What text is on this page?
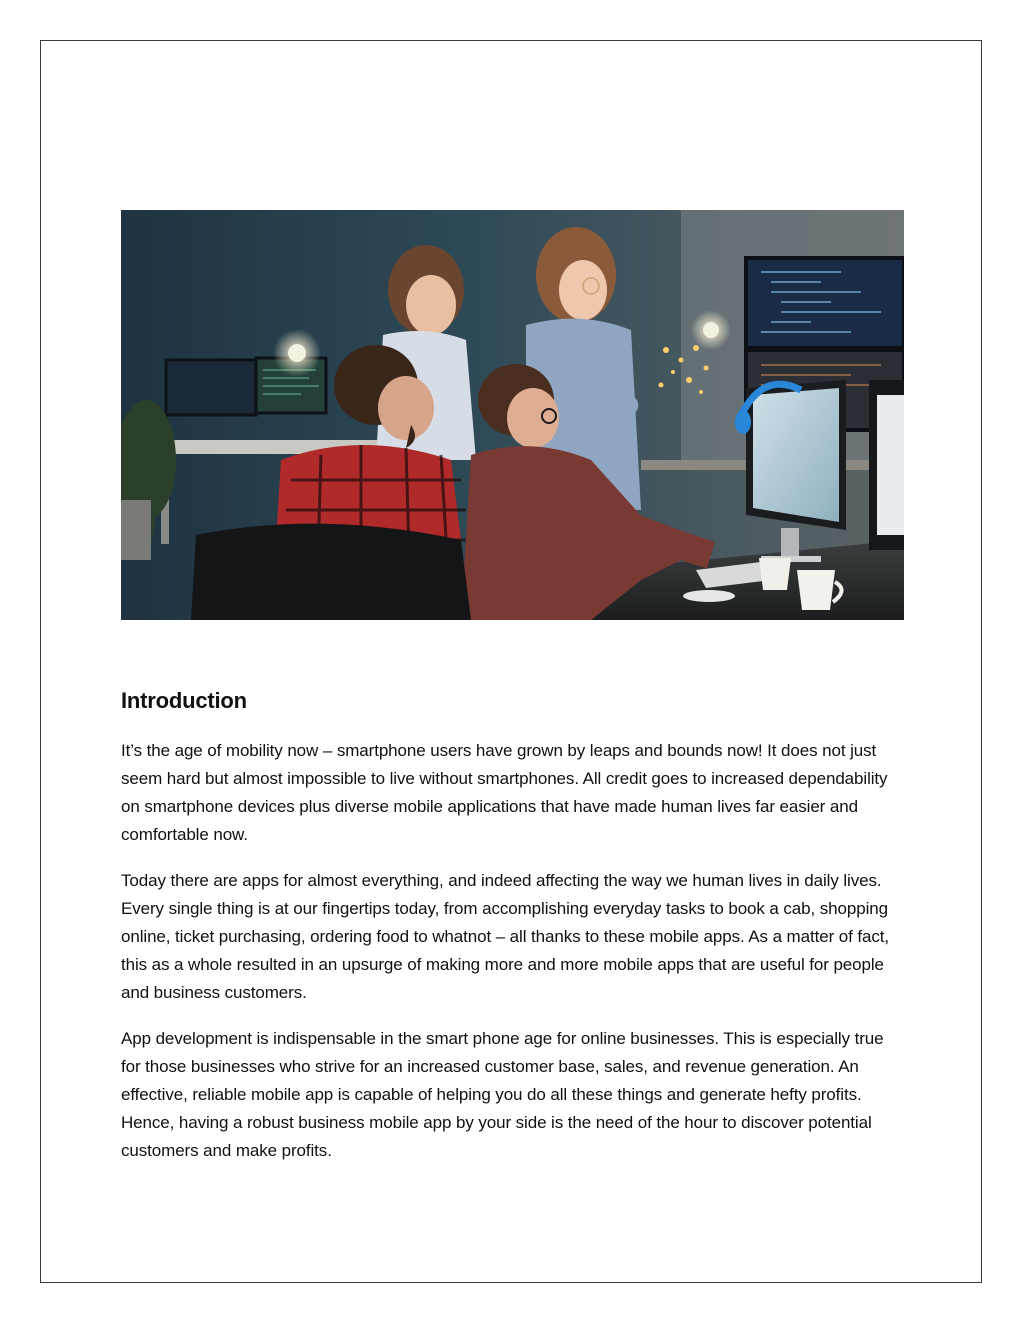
Introduction

It’s the age of mobility now – smartphone users have grown by leaps and bounds now! It does not just seem hard but almost impossible to live without smartphones. All credit goes to increased dependability on smartphone devices plus diverse mobile applications that have made human lives far easier and comfortable now.

Today there are apps for almost everything, and indeed affecting the way we human lives in daily lives. Every single thing is at our fingertips today, from accomplishing everyday tasks to book a cab, shopping online, ticket purchasing, ordering food to whatnot – all thanks to these mobile apps. As a matter of fact, this as a whole resulted in an upsurge of making more and more mobile apps that are useful for people and business customers.

App development is indispensable in the smart phone age for online businesses. This is especially true for those businesses who strive for an increased customer base, sales, and revenue generation. An effective, reliable mobile app is capable of helping you do all these things and generate hefty profits. Hence, having a robust business mobile app by your side is the need of the hour to discover potential customers and make profits.
